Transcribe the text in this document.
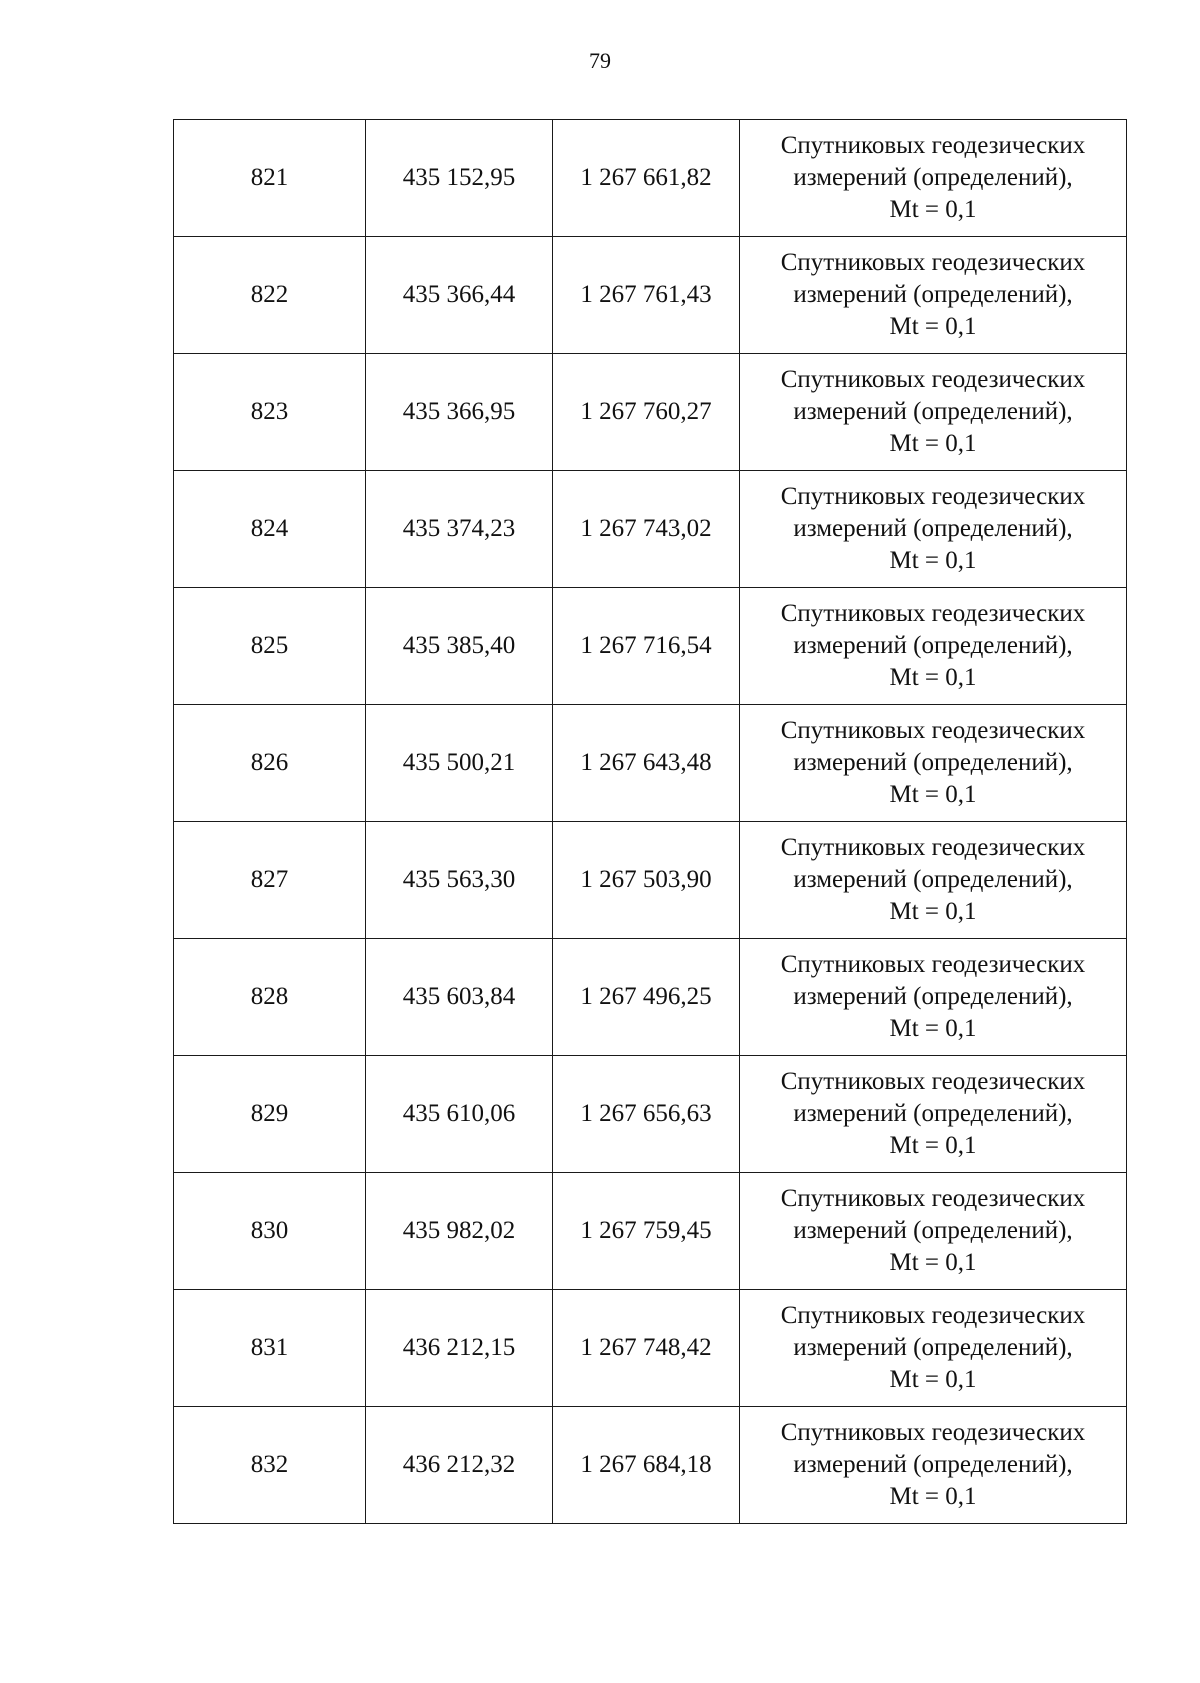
79
821	435 152,95	1 267 661,82	Спутниковых геодезических
измерений (определений),
Mt = 0,1

822	435 366,44	1 267 761,43	Спутниковых геодезических
измерений (определений),
Mt = 0,1

823	435 366,95	1 267 760,27	Спутниковых геодезических
измерений (определений),
Mt = 0,1

824	435 374,23	1 267 743,02	Спутниковых геодезических
измерений (определений),
Mt = 0,1

825	435 385,40	1 267 716,54	Спутниковых геодезических
измерений (определений),
Mt = 0,1

826	435 500,21	1 267 643,48	Спутниковых геодезических
измерений (определений),
Mt = 0,1

827	435 563,30	1 267 503,90	Спутниковых геодезических
измерений (определений),
Mt = 0,1

828	435 603,84	1 267 496,25	Спутниковых геодезических
измерений (определений),
Mt = 0,1

829	435 610,06	1 267 656,63	Спутниковых геодезических
измерений (определений),
Mt = 0,1

830	435 982,02	1 267 759,45	Спутниковых геодезических
измерений (определений),
Mt = 0,1

831	436 212,15	1 267 748,42	Спутниковых геодезических
измерений (определений),
Mt = 0,1

832	436 212,32	1 267 684,18	Спутниковых геодезических
измерений (определений),
Mt = 0,1
